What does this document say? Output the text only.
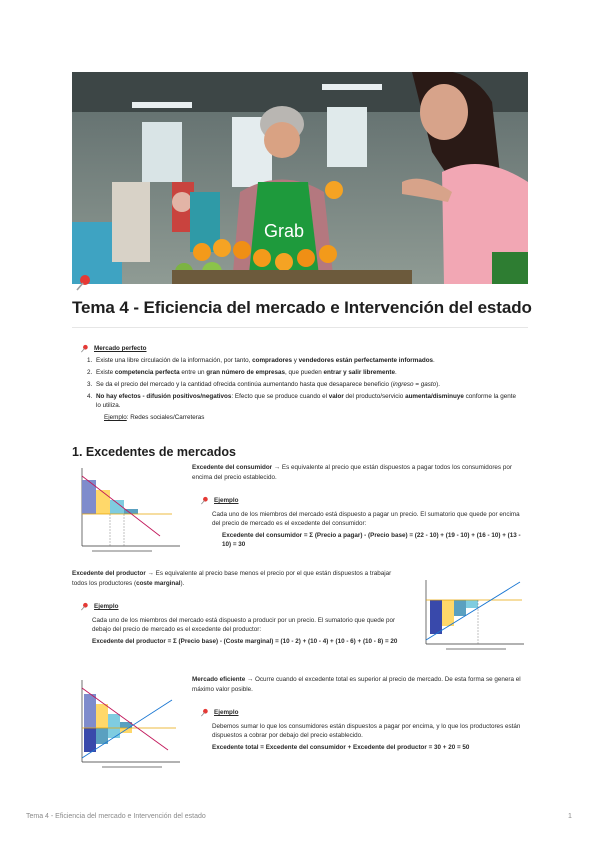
Grab
Tema 4 - Eficiencia del mercado e Intervención del estado
Mercado perfecto
1. Existe una libre circulación de la información, por tanto, compradores y vendedores están perfectamente informados.
2. Existe competencia perfecta entre un gran número de empresas, que pueden entrar y salir libremente.
3. Se da el precio del mercado y la cantidad ofrecida continúa aumentando hasta que desaparece beneficio (ingreso = gasto).
4. No hay efectos - difusión positivos/negativos: Efecto que se produce cuando el valor del producto/servicio aumenta/disminuye conforme la gente lo utiliza.
Ejemplo: Redes sociales/Carreteras
1. Excedentes de mercados
Excedente del consumidor → Es equivalente al precio que están dispuestos a pagar todos los consumidores por encima del precio establecido.
Ejemplo
Cada uno de los miembros del mercado está dispuesto a pagar un precio. El sumatorio que quede por encima del precio de mercado es el excedente del consumidor:
Excedente del consumidor = Σ (Precio a pagar) - (Precio base) = (22 - 10) + (19 - 10) + (16 - 10) + (13 - 10) = 30
Excedente del productor → Es equivalente al precio base menos el precio por el que están dispuestos a trabajar todos los productores (coste marginal).
Ejemplo
Cada uno de los miembros del mercado está dispuesto a producir por un precio. El sumatorio que quede por debajo del precio de mercado es el excedente del productor:
Excedente del productor = Σ (Precio base) - (Coste marginal) = (10 - 2) + (10 - 4) + (10 - 6) + (10 - 8) = 20
Mercado eficiente → Ocurre cuando el excedente total es superior al precio de mercado. De esta forma se genera el máximo valor posible.
Ejemplo
Debemos sumar lo que los consumidores están dispuestos a pagar por encima, y lo que los productores están dispuestos a cobrar por debajo del precio establecido.
Excedente total = Excedente del consumidor + Excedente del productor = 30 + 20 = 50
Tema 4 - Eficiencia del mercado e Intervención del estado	1
